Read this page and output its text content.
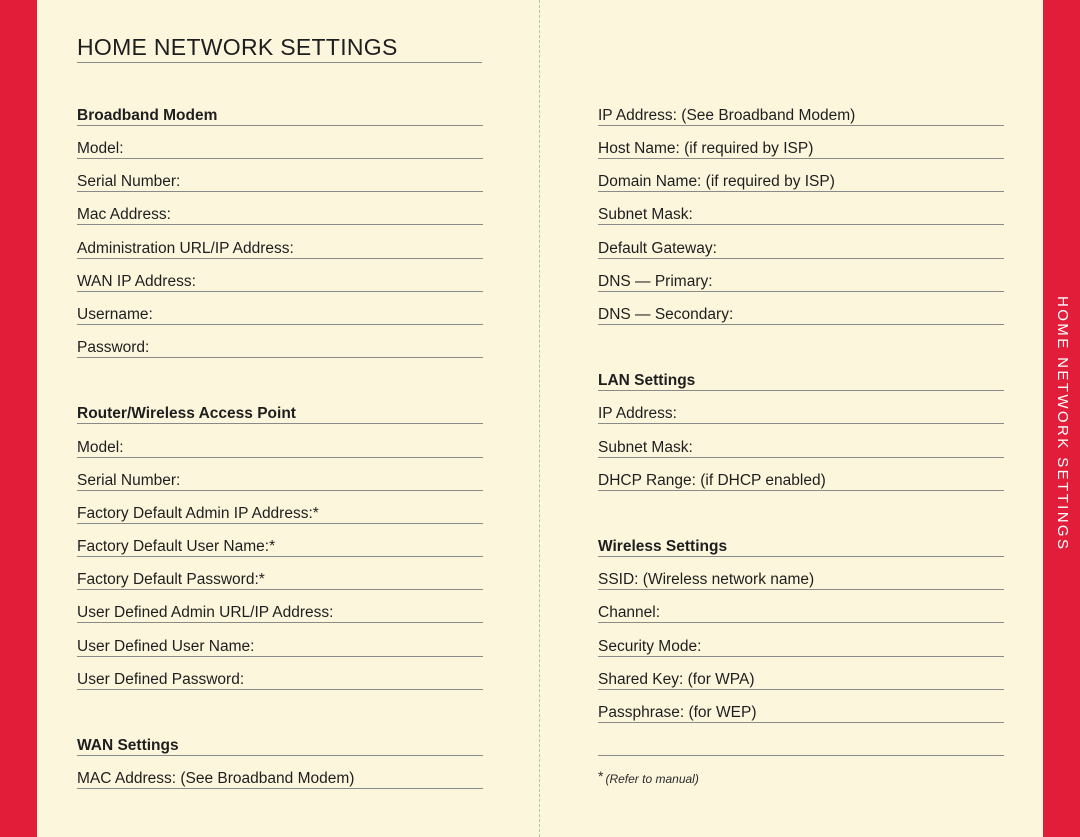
HOME NETWORK SETTINGS
Broadband Modem
Model:
Serial Number:
Mac Address:
Administration URL/IP Address:
WAN IP Address:
Username:
Password:
Router/Wireless Access Point
Model:
Serial Number:
Factory Default Admin IP Address:*
Factory Default User Name:*
Factory Default Password:*
User Defined Admin URL/IP Address:
User Defined User Name:
User Defined Password:
WAN Settings
MAC Address: (See Broadband Modem)
IP Address: (See Broadband Modem)
Host Name: (if required by ISP)
Domain Name: (if required by ISP)
Subnet Mask:
Default Gateway:
DNS — Primary:
DNS — Secondary:
LAN Settings
IP Address:
Subnet Mask:
DHCP Range: (if DHCP enabled)
Wireless Settings
SSID: (Wireless network name)
Channel:
Security Mode:
Shared Key: (for WPA)
Passphrase: (for WEP)
* (Refer to manual)
HOME NETWORK SETTINGS
